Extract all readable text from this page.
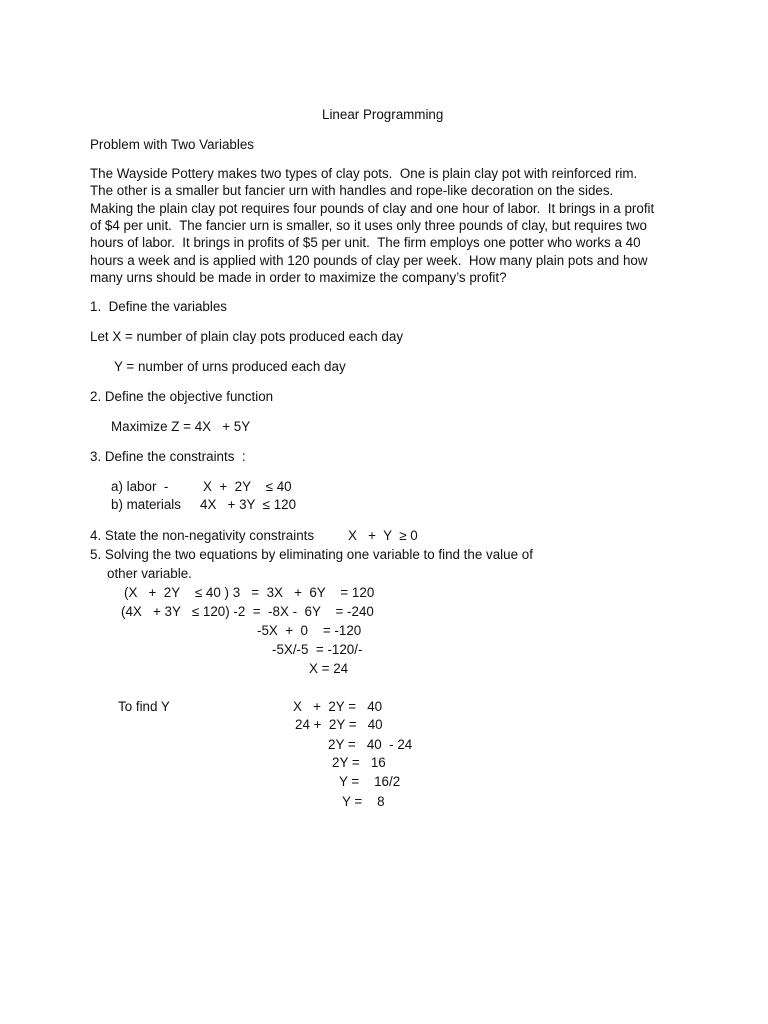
Linear Programming
Problem with Two Variables
The Wayside Pottery makes two types of clay pots.  One is plain clay pot with reinforced rim.
The other is a smaller but fancier urn with handles and rope-like decoration on the sides.
Making the plain clay pot requires four pounds of clay and one hour of labor.  It brings in a profit
of $4 per unit.  The fancier urn is smaller, so it uses only three pounds of clay, but requires two
hours of labor.  It brings in profits of $5 per unit.  The firm employs one potter who works a 40
hours a week and is applied with 120 pounds of clay per week.  How many plain pots and how
many urns should be made in order to maximize the company’s profit?
1.  Define the variables
Let X = number of plain clay pots produced each day
Y = number of urns produced each day
2. Define the objective function
Maximize Z = 4X   + 5Y
3. Define the constraints  :
a) labor  -	X  +  2Y    ≤ 40
b) materials 4X   + 3Y  ≤ 120
4. State the non-negativity constraints	X   +  Y  ≥ 0
5. Solving the two equations by eliminating one variable to find the value of
other variable.
(X   +  2Y    ≤ 40 ) 3   =  3X   +  6Y    = 120
(4X   + 3Y   ≤ 120) -2  =  -8X -  6Y    = -240
-5X  +  0    = -120
-5X/-5  = -120/-
X = 24
To find Y	X   +  2Y =   40
24 +  2Y =   40
2Y =   40  - 24
2Y =   16
Y =    16/2
Y =    8
